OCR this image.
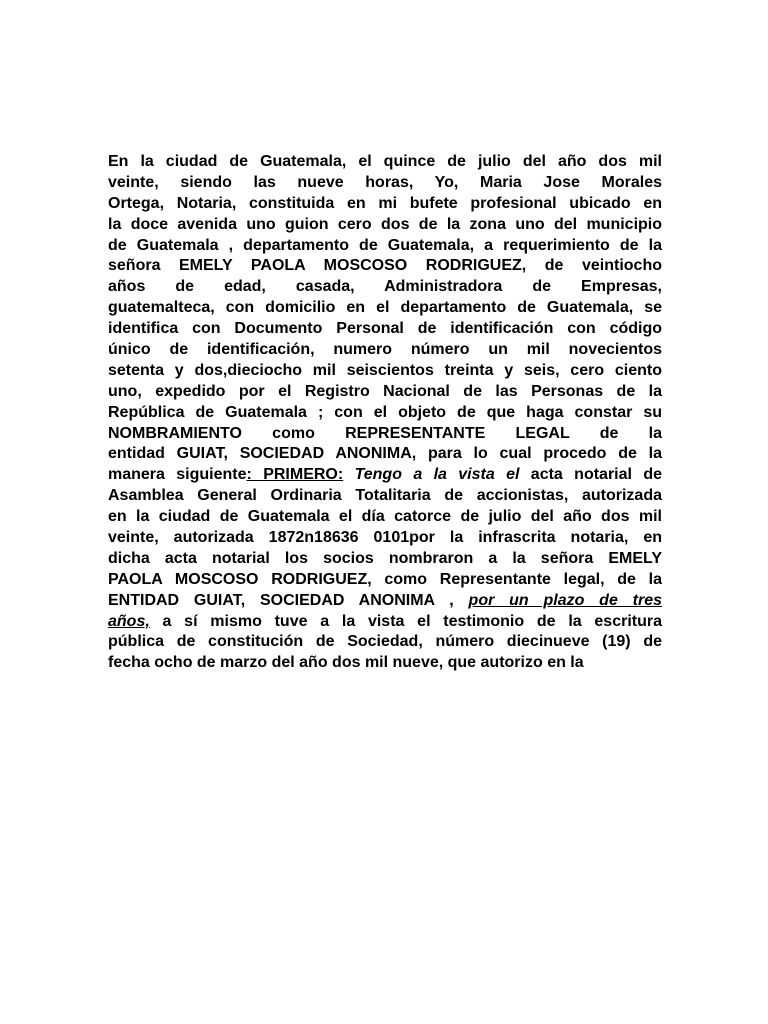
En la ciudad de Guatemala, el quince de julio del año dos mil
veinte, siendo las nueve horas, Yo, Maria Jose Morales
Ortega, Notaria, constituida en mi bufete profesional ubicado en
la doce avenida uno guion cero dos de la zona uno del municipio
de Guatemala , departamento de Guatemala, a requerimiento de la
señora EMELY PAOLA MOSCOSO RODRIGUEZ, de veintiocho
años de edad, casada, Administradora de Empresas,
guatemalteca, con domicilio en el departamento de Guatemala, se
identifica con Documento Personal de identificación con código
único de identificación, numero número un mil novecientos
setenta y dos,dieciocho mil seiscientos treinta y seis, cero ciento
uno, expedido por el Registro Nacional de las Personas de la
República de Guatemala ; con el objeto de que haga constar su
NOMBRAMIENTO como REPRESENTANTE LEGAL de la
entidad GUIAT, SOCIEDAD ANONIMA, para lo cual procedo de la
manera siguiente: PRIMERO: Tengo a la vista el acta notarial de
Asamblea General Ordinaria Totalitaria de accionistas, autorizada
en la ciudad de Guatemala el día catorce de julio del año dos mil
veinte, autorizada 1872n18636 0101por la infrascrita notaria, en
dicha acta notarial los socios nombraron a la señora EMELY
PAOLA MOSCOSO RODRIGUEZ, como Representante legal, de la
ENTIDAD GUIAT, SOCIEDAD ANONIMA , por un plazo de tres
años, a sí mismo tuve a la vista el testimonio de la escritura
pública de constitución de Sociedad, número diecinueve (19) de
fecha ocho de marzo del año dos mil nueve, que autorizo en la
